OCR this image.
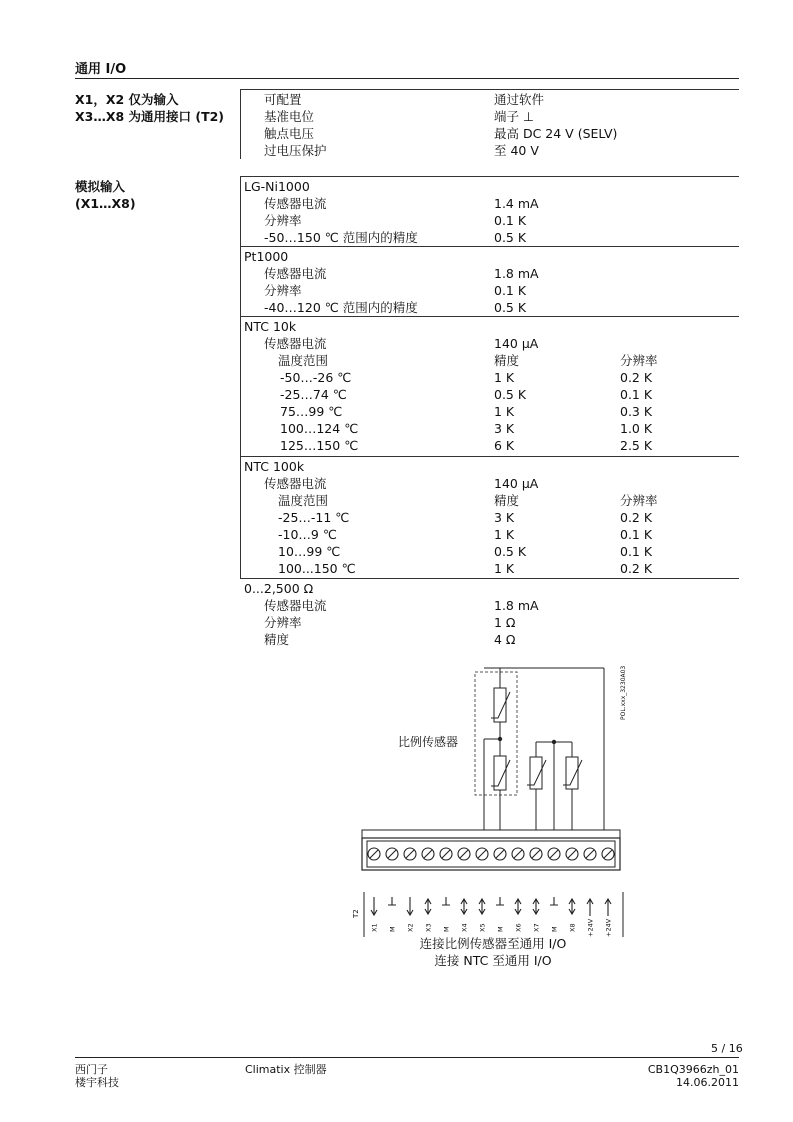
通用 I/O
X1，X2 仅为输入
X3…X8 为通用接口 (T2)
模拟输入
(X1…X8)
可配置	通过软件
基准电位	端子 ⊥
触点电压	最高 DC 24 V (SELV)
过电压保护	至 40 V
LG-Ni1000
传感器电流	1.4 mA
分辨率	0.1 K
-50…150 ℃ 范围内的精度	0.5 K
Pt1000
传感器电流	1.8 mA
分辨率	0.1 K
-40…120 ℃ 范围内的精度	0.5 K
NTC 10k
传感器电流	140 µA
温度范围	精度	分辨率
-50…-26 ℃	1 K	0.2 K
-25…74 ℃	0.5 K	0.1 K
75…99 ℃	1 K	0.3 K
100…124 ℃	3 K	1.0 K
125…150 ℃	6 K	2.5 K
NTC 100k
传感器电流	140 µA
温度范围	精度	分辨率
-25…-11 ℃	3 K	0.2 K
-10…9 ℃	1 K	0.1 K
10…99 ℃	0.5 K	0.1 K
100...150 ℃	1 K	0.2 K
0...2,500 Ω
传感器电流	1.8 mA
分辨率	1 Ω
精度	4 Ω
比例传感器
POL.xxx_3230A03
X1 M X2 X3 M X4 X5 M X6 X7 M X8 +24V +24V
T2
连接比例传感器至通用 I/O
连接 NTC 至通用 I/O
5 / 16
西门子
楼宇科技
Climatix 控制器	CB1Q3966zh_01
14.06.2011
